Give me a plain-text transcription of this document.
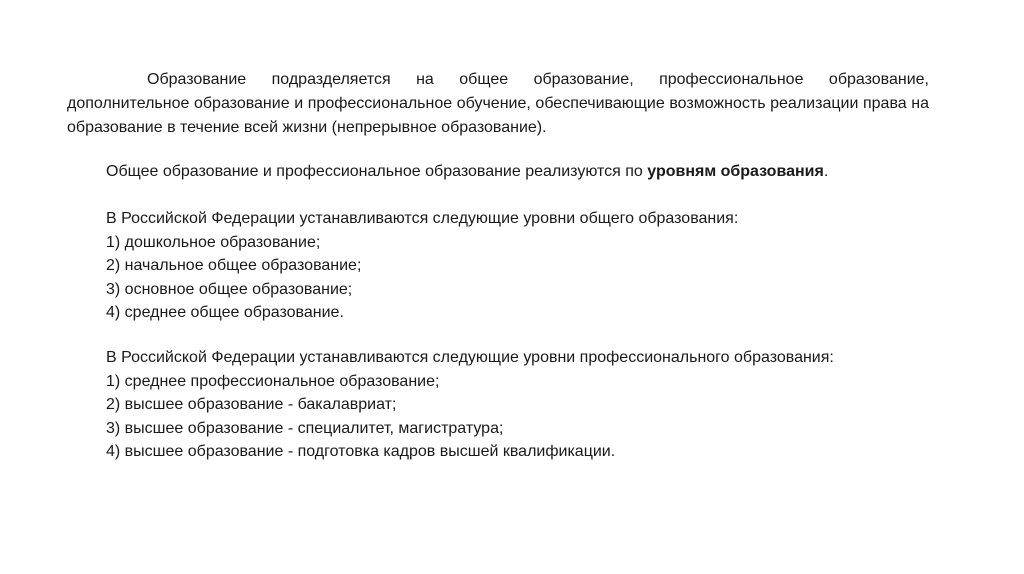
Образование подразделяется на общее образование, профессиональное образование, дополнительное образование и профессиональное обучение, обеспечивающие возможность реализации права на образование в течение всей жизни (непрерывное образование).

Общее образование и профессиональное образование реализуются по уровням образования.

В Российской Федерации устанавливаются следующие уровни общего образования:
1) дошкольное образование;
2) начальное общее образование;
3) основное общее образование;
4) среднее общее образование.
В Российской Федерации устанавливаются следующие уровни профессионального образования:
1) среднее профессиональное образование;
2) высшее образование - бакалавриат;
3) высшее образование - специалитет, магистратура;
4) высшее образование - подготовка кадров высшей квалификации.
